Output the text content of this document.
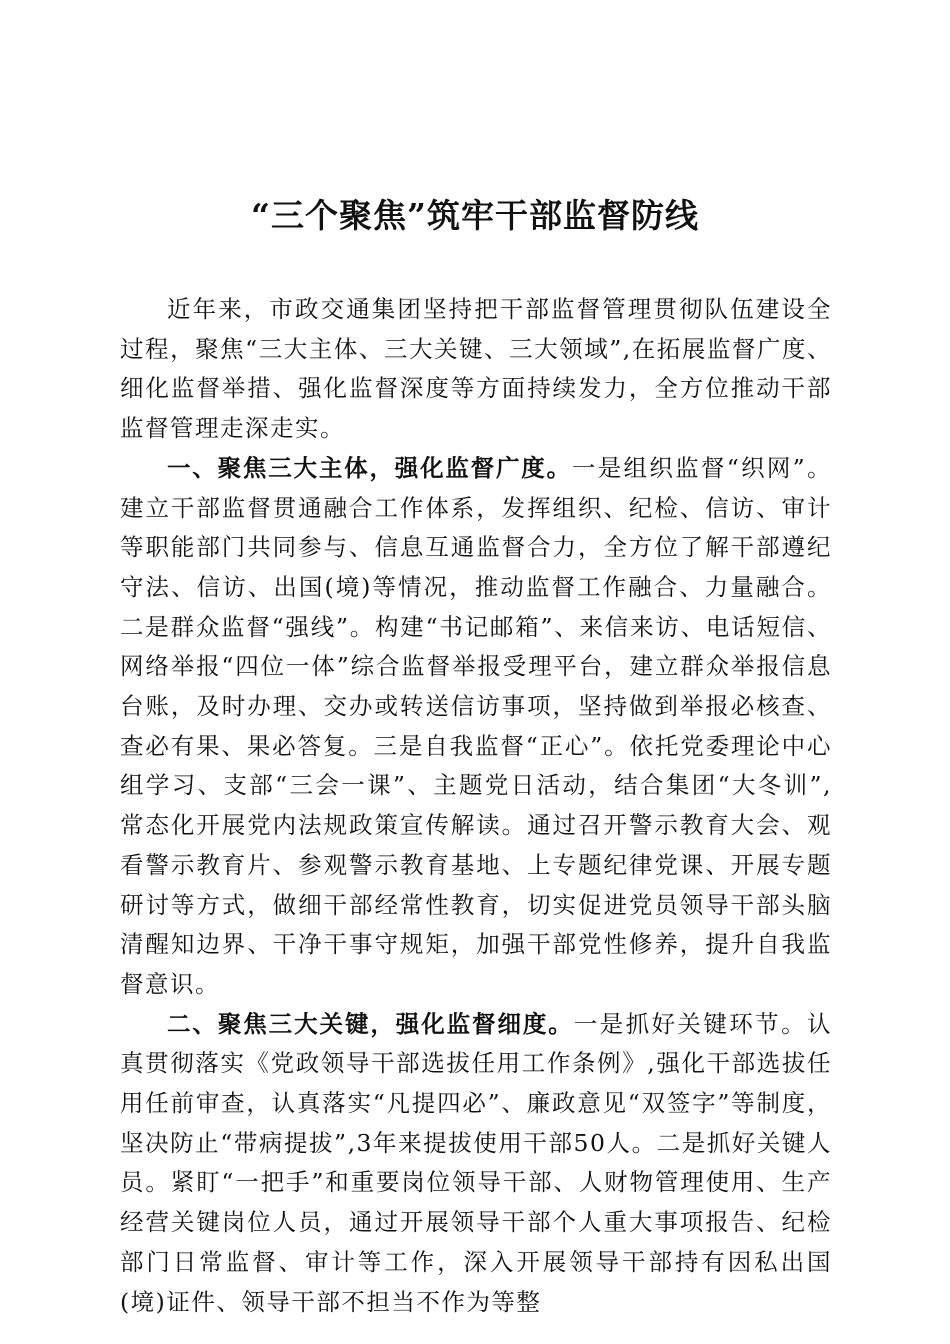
“三个聚焦”筑牢干部监督防线

近年来，市政交通集团坚持把干部监督管理贯彻队伍建设全过程，聚焦“三大主体、三大关键、三大领域”,在拓展监督广度、细化监督举措、强化监督深度等方面持续发力，全方位推动干部监督管理走深走实。

一、聚焦三大主体，强化监督广度。一是组织监督“织网”。建立干部监督贯通融合工作体系，发挥组织、纪检、信访、审计等职能部门共同参与、信息互通监督合力，全方位了解干部遵纪守法、信访、出国(境)等情况，推动监督工作融合、力量融合。二是群众监督“强线”。构建“书记邮箱”、来信来访、电话短信、网络举报“四位一体”综合监督举报受理平台，建立群众举报信息台账，及时办理、交办或转送信访事项，坚持做到举报必核查、查必有果、果必答复。三是自我监督“正心”。依托党委理论中心组学习、支部“三会一课”、主题党日活动，结合集团“大冬训”,常态化开展党内法规政策宣传解读。通过召开警示教育大会、观看警示教育片、参观警示教育基地、上专题纪律党课、开展专题研讨等方式，做细干部经常性教育，切实促进党员领导干部头脑清醒知边界、干净干事守规矩，加强干部党性修养，提升自我监督意识。

二、聚焦三大关键，强化监督细度。一是抓好关键环节。认真贯彻落实《党政领导干部选拔任用工作条例》,强化干部选拔任用任前审查，认真落实“凡提四必”、廉政意见“双签字”等制度，坚决防止“带病提拔”,3年来提拔使用干部50人。二是抓好关键人员。紧盯“一把手”和重要岗位领导干部、人财物管理使用、生产经营关键岗位人员，通过开展领导干部个人重大事项报告、纪检部门日常监督、审计等工作，深入开展领导干部持有因私出国(境)证件、领导干部不担当不作为等整
